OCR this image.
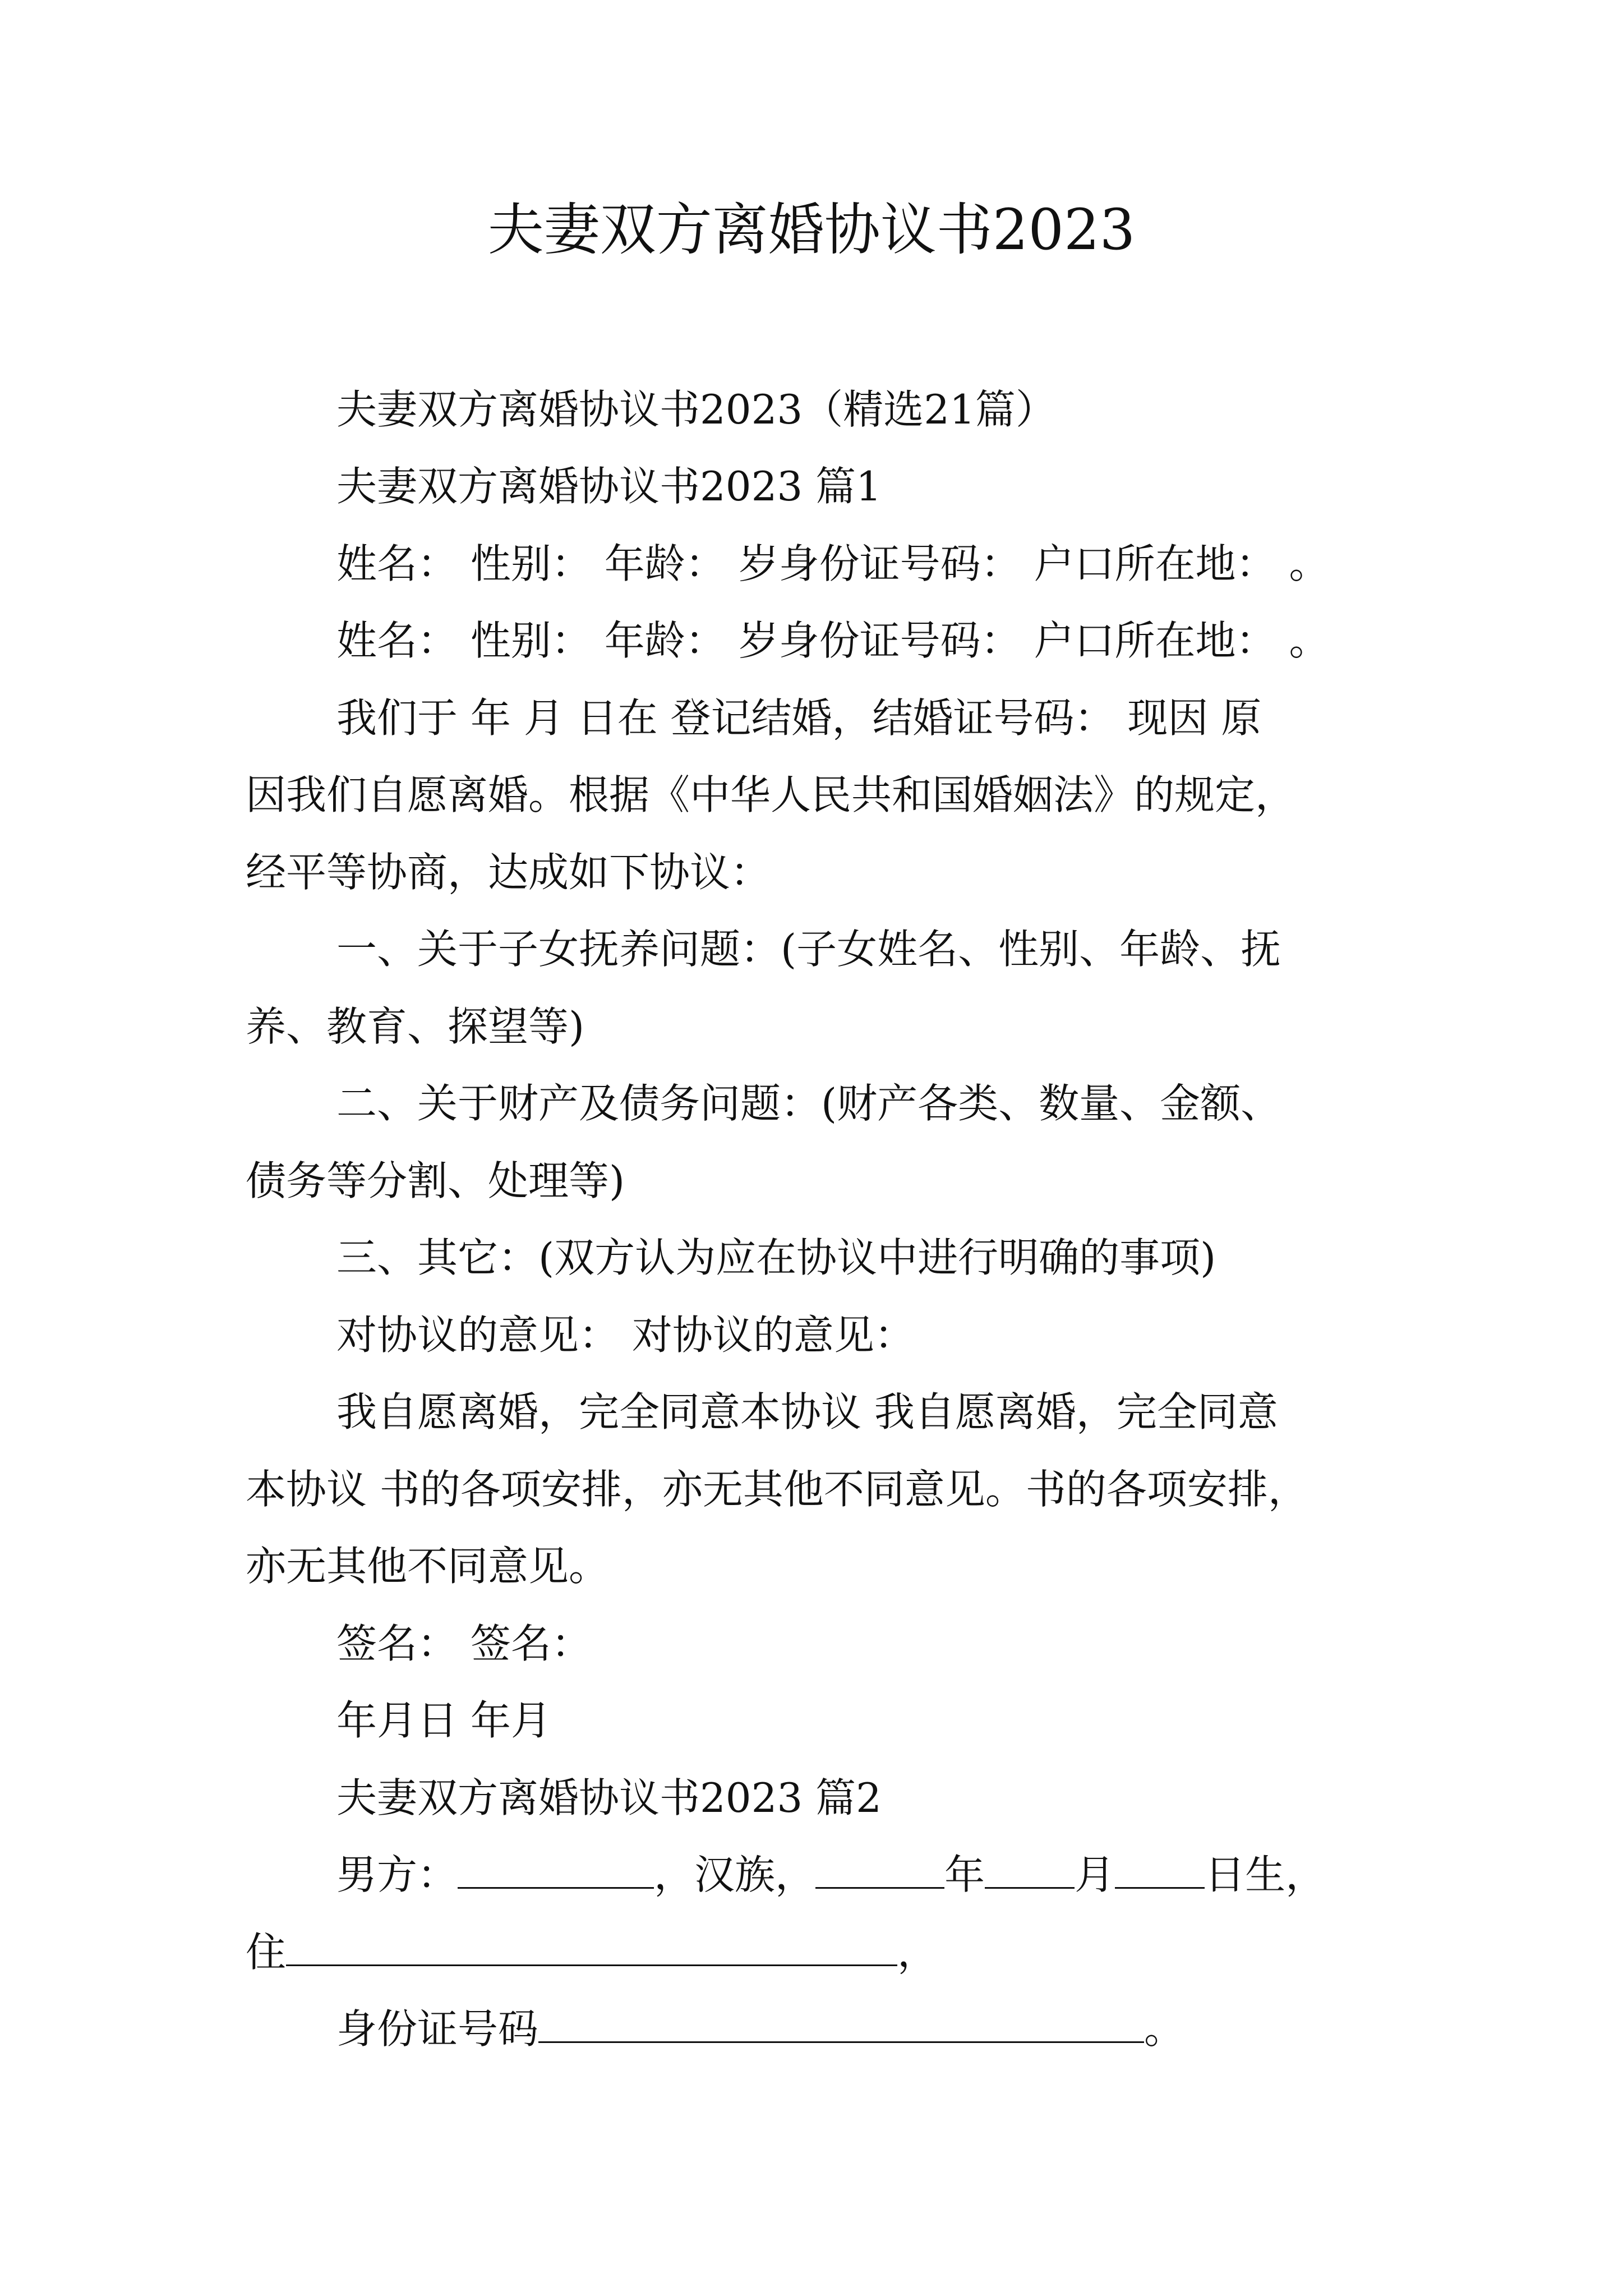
夫妻双方离婚协议书2023
夫妻双方离婚协议书2023（精选21篇）
夫妻双方离婚协议书2023 篇1
姓名： 性别： 年龄： 岁身份证号码： 户口所在地： 。
姓名： 性别： 年龄： 岁身份证号码： 户口所在地： 。
我们于 年 月 日在 登记结婚，结婚证号码： 现因 原
因我们自愿离婚。根据《中华人民共和国婚姻法》的规定，
经平等协商，达成如下协议：
一、关于子女抚养问题：(子女姓名、性别、年龄、抚
养、教育、探望等)
二、关于财产及债务问题：(财产各类、数量、金额、
债务等分割、处理等)
三、其它：(双方认为应在协议中进行明确的事项)
对协议的意见： 对协议的意见：
我自愿离婚，完全同意本协议 我自愿离婚，完全同意
本协议 书的各项安排，亦无其他不同意见。书的各项安排，
亦无其他不同意见。
签名： 签名：
年月日 年月
夫妻双方离婚协议书2023 篇2
男方：	，汉族，	年 月 日生，
住	，
身份证号码	。
